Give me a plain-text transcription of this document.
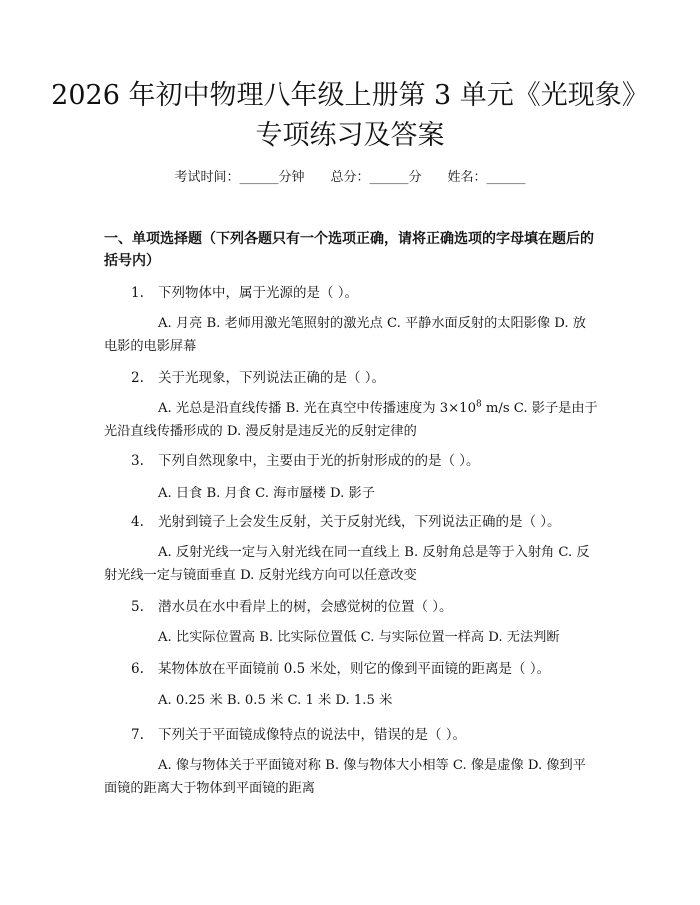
2026 年初中物理八年级上册第 3 单元《光现象》专项练习及答案
考试时间：______分钟 总分：______分 姓名：______
一、单项选择题（下列各题只有一个选项正确，请将正确选项的字母填在题后的括号内）
1. 下列物体中，属于光源的是（ ）。
A. 月亮 B. 老师用激光笔照射的激光点 C. 平静水面反射的太阳影像 D. 放电影的电影屏幕
2. 关于光现象，下列说法正确的是（ ）。
A. 光总是沿直线传播 B. 光在真空中传播速度为 $3\times 10^8$ m/s C. 影子是由于光沿直线传播形成的 D. 漫反射是违反光的反射定律的
3. 下列自然现象中，主要由于光的折射形成的的是（ ）。
A. 日食 B. 月食 C. 海市蜃楼 D. 影子
4. 光射到镜子上会发生反射，关于反射光线，下列说法正确的是（ ）。
A. 反射光线一定与入射光线在同一直线上 B. 反射角总是等于入射角 C. 反射光线一定与镜面垂直 D. 反射光线方向可以任意改变
5. 潜水员在水中看岸上的树，会感觉树的位置（ ）。
A. 比实际位置高 B. 比实际位置低 C. 与实际位置一样高 D. 无法判断
6. 某物体放在平面镜前 0.5 米处，则它的像到平面镜的距离是（ ）。
A. 0.25 米 B. 0.5 米 C. 1 米 D. 1.5 米
7. 下列关于平面镜成像特点的说法中，错误的是（ ）。
A. 像与物体关于平面镜对称 B. 像与物体大小相等 C. 像是虚像 D. 像到平面镜的距离大于物体到平面镜的距离
